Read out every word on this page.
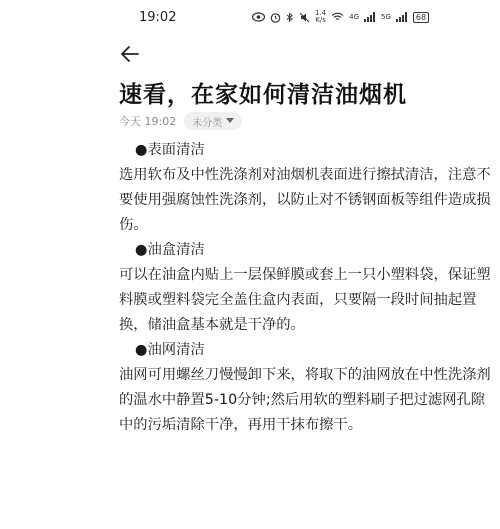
19:02	1.4
K/s	4G	5G	68
速看，在家如何清洁油烟机
今天 19:02 未分类

●表面清洁

选用软布及中性洗涤剂对油烟机表面进行擦拭清洁，注意不要使用强腐蚀性洗涤剂，以防止对不锈钢面板等组件造成损伤。

●油盒清洁

可以在油盒内贴上一层保鲜膜或套上一只小塑料袋，保证塑料膜或塑料袋完全盖住盒内表面，只要隔一段时间抽起置换，储油盒基本就是干净的。

●油网清洁

油网可用螺丝刀慢慢卸下来，将取下的油网放在中性洗涤剂的温水中静置5-10分钟;然后用软的塑料刷子把过滤网孔隙中的污垢清除干净，再用干抹布擦干。
